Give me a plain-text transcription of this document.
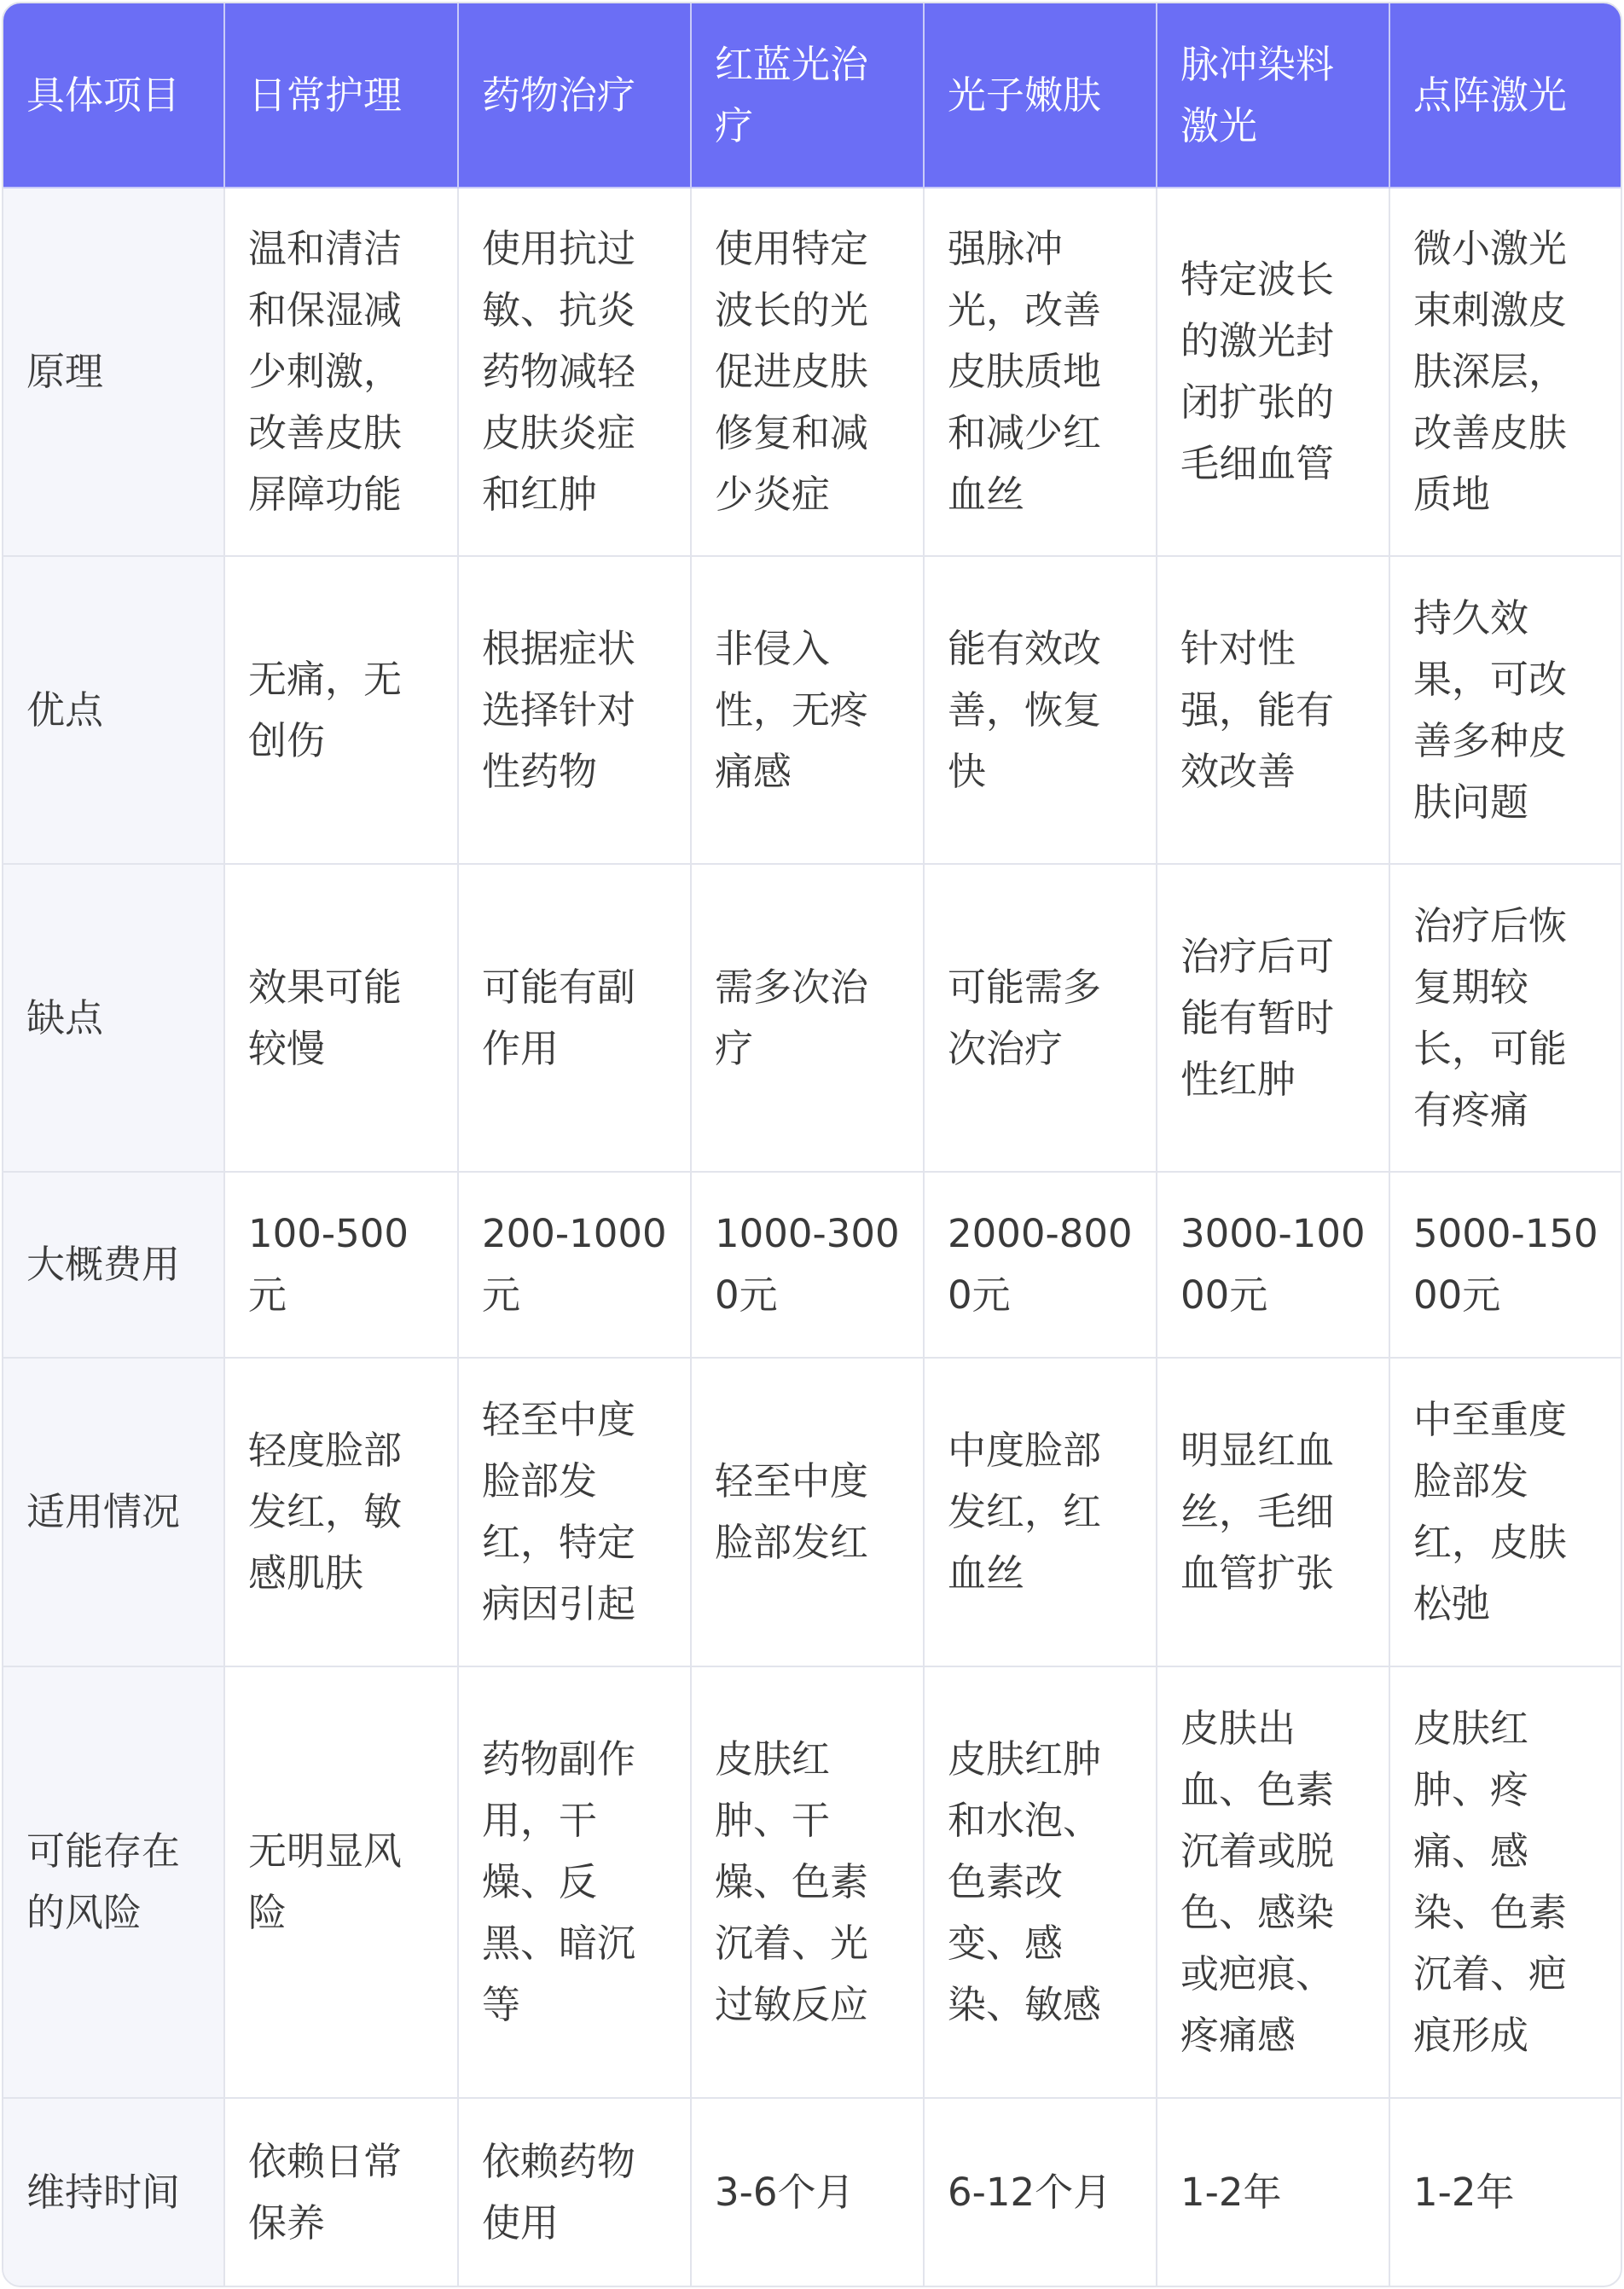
具体项目	日常护理	药物治疗	红蓝光治疗	光子嫩肤	脉冲染料激光	点阵激光
原理	温和清洁和保湿减少刺激，改善皮肤屏障功能	使用抗过敏、抗炎药物减轻皮肤炎症和红肿	使用特定波长的光促进皮肤修复和减少炎症	强脉冲光，改善皮肤质地和减少红血丝	特定波长的激光封闭扩张的毛细血管	微小激光束刺激皮肤深层，改善皮肤质地
优点	无痛，无创伤	根据症状选择针对性药物	非侵入性，无疼痛感	能有效改善，恢复快	针对性强，能有效改善	持久效果，可改善多种皮肤问题
缺点	效果可能较慢	可能有副作用	需多次治疗	可能需多次治疗	治疗后可能有暂时性红肿	治疗后恢复期较长，可能有疼痛
大概费用	100-500元	200-1000元	1000-3000元	2000-8000元	3000-10000元	5000-15000元
适用情况	轻度脸部发红，敏感肌肤	轻至中度脸部发红，特定病因引起	轻至中度脸部发红	中度脸部发红，红血丝	明显红血丝，毛细血管扩张	中至重度脸部发红，皮肤松弛
可能存在的风险	无明显风险	药物副作用，干燥、反黑、暗沉等	皮肤红肿、干燥、色素沉着、光过敏反应	皮肤红肿和水泡、色素改变、感染、敏感	皮肤出血、色素沉着或脱色、感染或疤痕、疼痛感	皮肤红肿、疼痛、感染、色素沉着、疤痕形成
维持时间	依赖日常保养	依赖药物使用	3-6个月	6-12个月	1-2年	1-2年
